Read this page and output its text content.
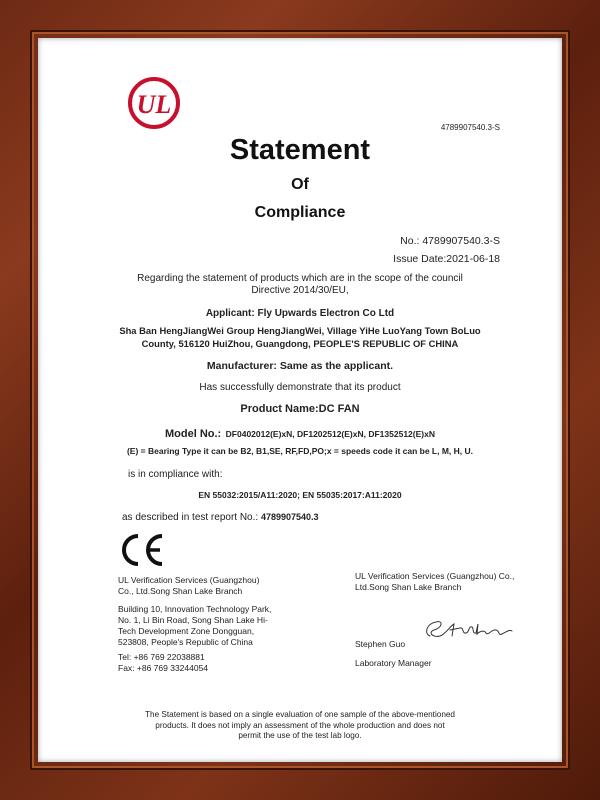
UL
4789907540.3-S
Statement
Of
Compliance
No.: 4789907540.3-S
Issue Date:2021-06-18
Regarding the statement of products which are in the scope of the council
Directive 2014/30/EU,
Applicant: Fly Upwards Electron Co Ltd
Sha Ban HengJiangWei Group HengJiangWei, Village YiHe LuoYang Town BoLuo
County, 516120 HuiZhou, Guangdong, PEOPLE'S REPUBLIC OF CHINA
Manufacturer: Same as the applicant.
Has successfully demonstrate that its product
Product Name:DC FAN
Model No.: DF0402012(E)xN, DF1202512(E)xN, DF1352512(E)xN
(E) = Bearing Type it can be B2, B1,SE, RF,FD,PO;x = speeds code it can be L, M, H, U.
is in compliance with:
EN 55032:2015/A11:2020; EN 55035:2017:A11:2020
as described in test report No.: 4789907540.3
CE
UL Verification Services (Guangzhou)
Co., Ltd.Song Shan Lake Branch
Building 10, Innovation Technology Park,
No. 1, Li Bin Road, Song Shan Lake Hi-
Tech Development Zone Dongguan,
523808, People's Republic of China
Tel: +86 769 22038881
Fax: +86 769 33244054
UL Verification Services (Guangzhou) Co.,
Ltd.Song Shan Lake Branch
Stephen Guo
Laboratory Manager
The Statement is based on a single evaluation of one sample of the above-mentioned
products. It does not imply an assessment of the whole production and does not
permit the use of the test lab logo.
